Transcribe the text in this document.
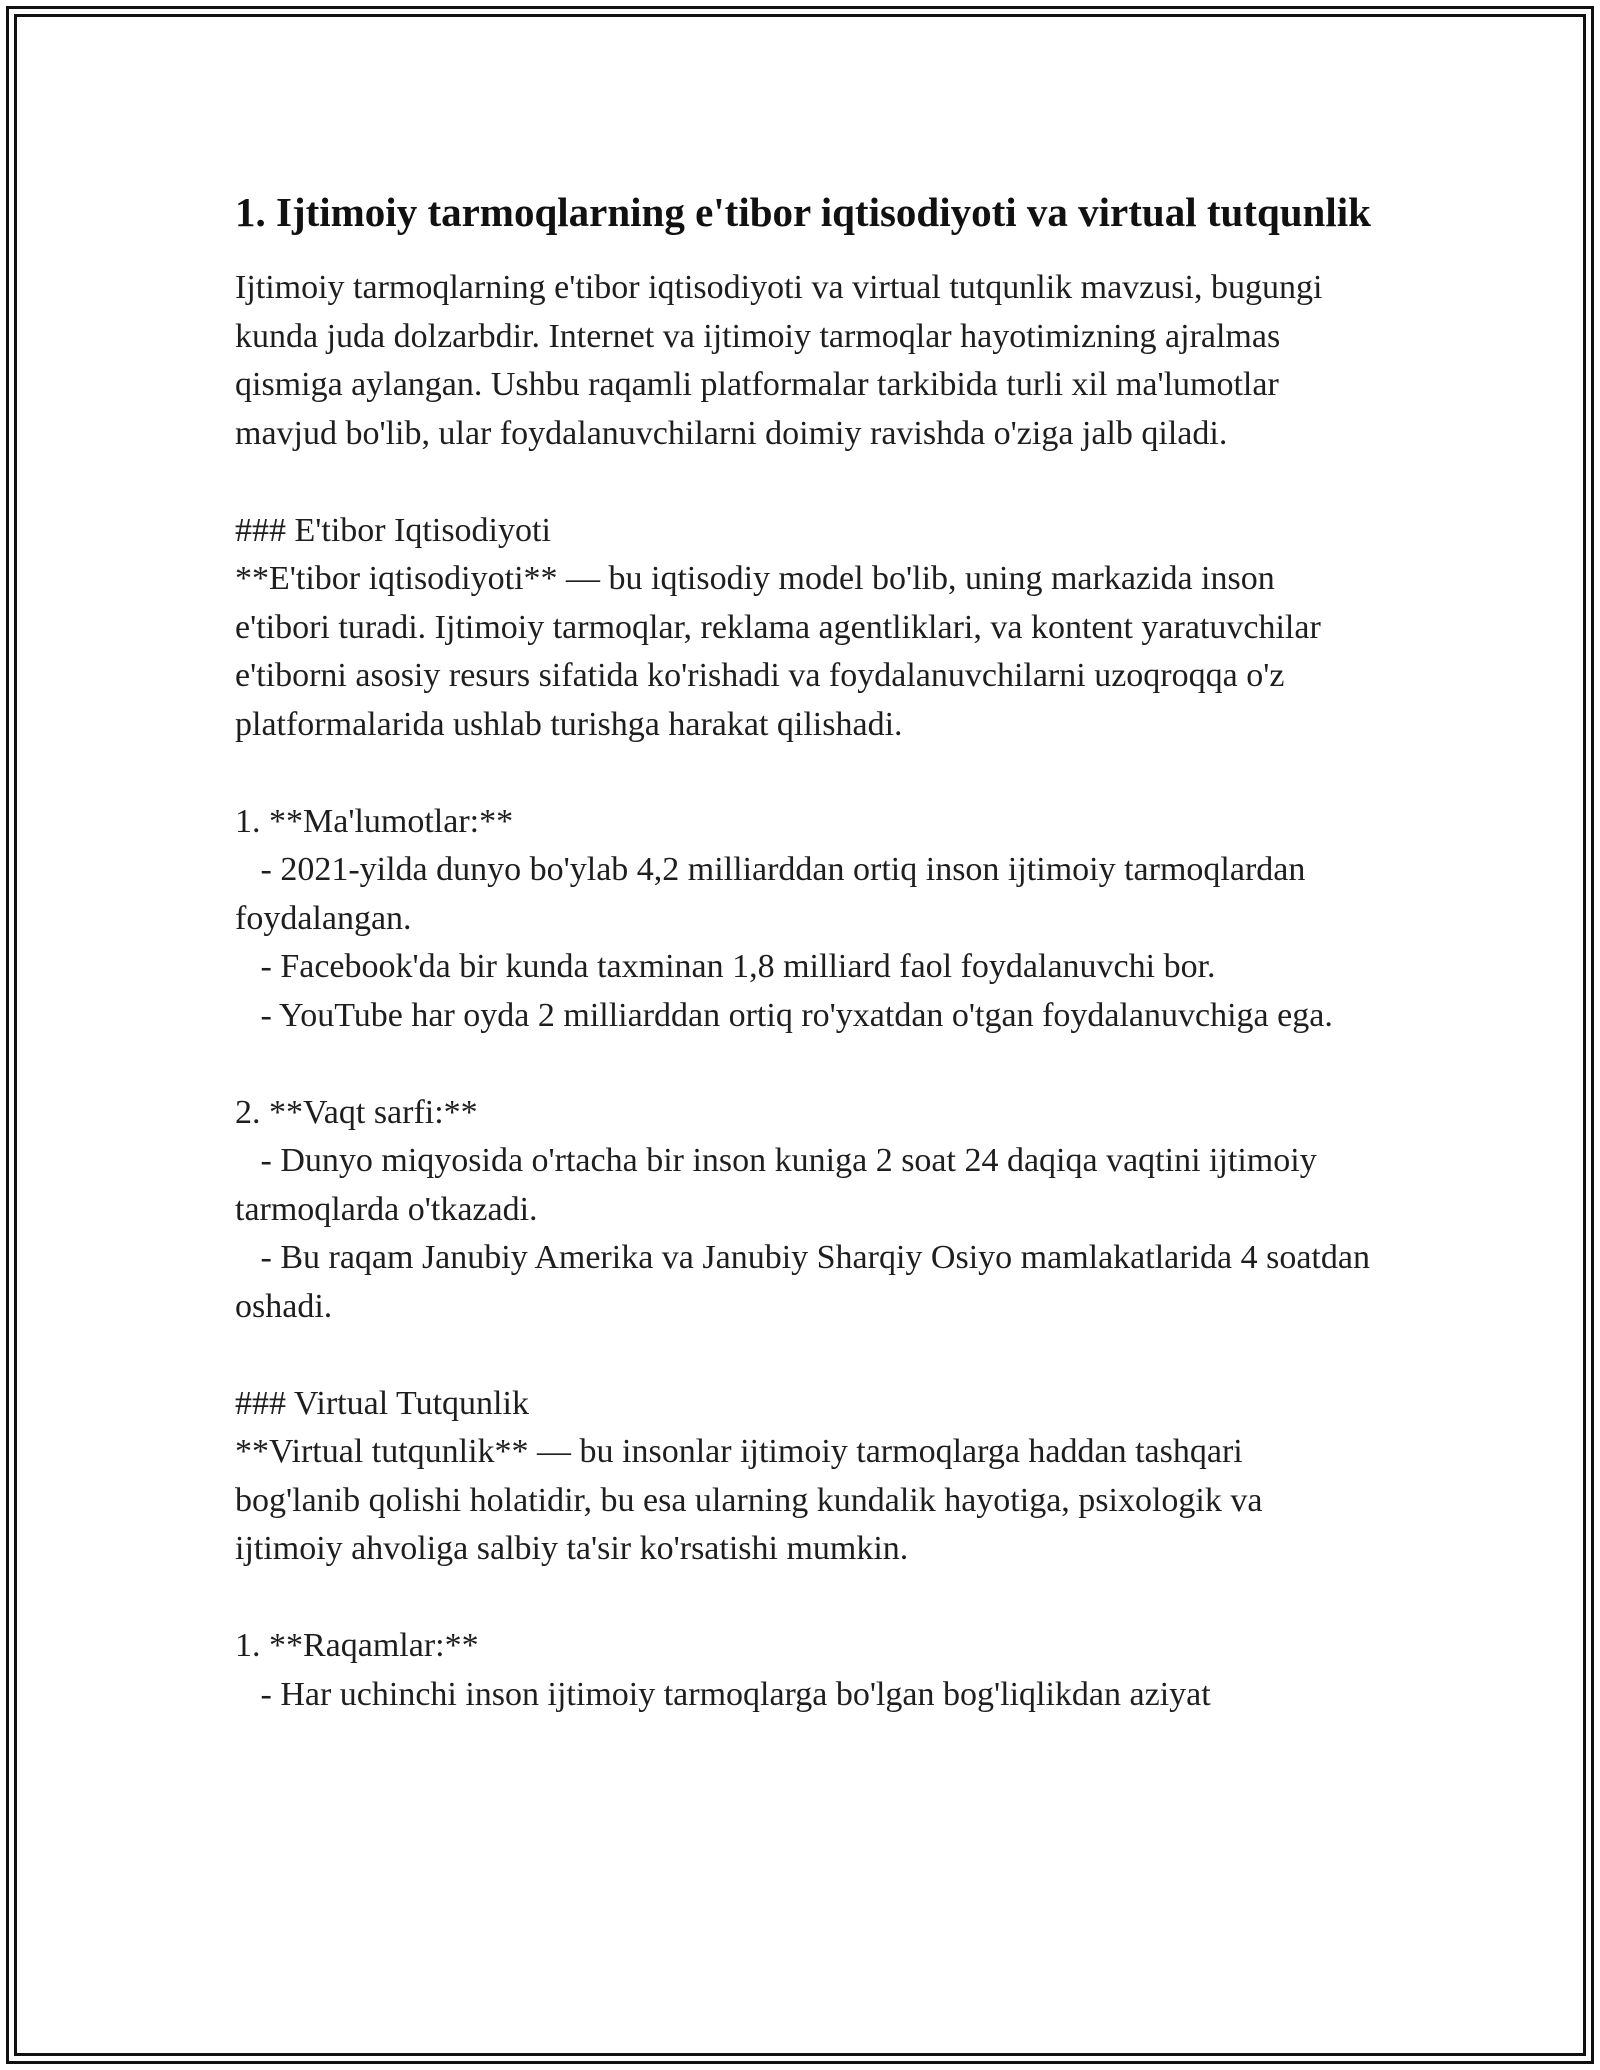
1. Ijtimoiy tarmoqlarning e'tibor iqtisodiyoti va virtual tutqunlik

Ijtimoiy tarmoqlarning e'tibor iqtisodiyoti va virtual tutqunlik mavzusi, bugungi kunda juda dolzarbdir. Internet va ijtimoiy tarmoqlar hayotimizning ajralmas qismiga aylangan. Ushbu raqamli platformalar tarkibida turli xil ma'lumotlar mavjud bo'lib, ular foydalanuvchilarni doimiy ravishda o'ziga jalb qiladi.

### E'tibor Iqtisodiyoti

**E'tibor iqtisodiyoti** — bu iqtisodiy model bo'lib, uning markazida inson e'tibori turadi. Ijtimoiy tarmoqlar, reklama agentliklari, va kontent yaratuvchilar e'tiborni asosiy resurs sifatida ko'rishadi va foydalanuvchilarni uzoqroqqa o'z platformalarida ushlab turishga harakat qilishadi.

1. **Ma'lumotlar:**

- 2021-yilda dunyo bo'ylab 4,2 milliarddan ortiq inson ijtimoiy tarmoqlardan foydalangan.

- Facebook'da bir kunda taxminan 1,8 milliard faol foydalanuvchi bor.

- YouTube har oyda 2 milliarddan ortiq ro'yxatdan o'tgan foydalanuvchiga ega.

2. **Vaqt sarfi:**

- Dunyo miqyosida o'rtacha bir inson kuniga 2 soat 24 daqiqa vaqtini ijtimoiy tarmoqlarda o'tkazadi.

- Bu raqam Janubiy Amerika va Janubiy Sharqiy Osiyo mamlakatlarida 4 soatdan oshadi.

### Virtual Tutqunlik

**Virtual tutqunlik** — bu insonlar ijtimoiy tarmoqlarga haddan tashqari bog'lanib qolishi holatidir, bu esa ularning kundalik hayotiga, psixologik va ijtimoiy ahvoliga salbiy ta'sir ko'rsatishi mumkin.

1. **Raqamlar:**

- Har uchinchi inson ijtimoiy tarmoqlarga bo'lgan bog'liqlikdan aziyat
